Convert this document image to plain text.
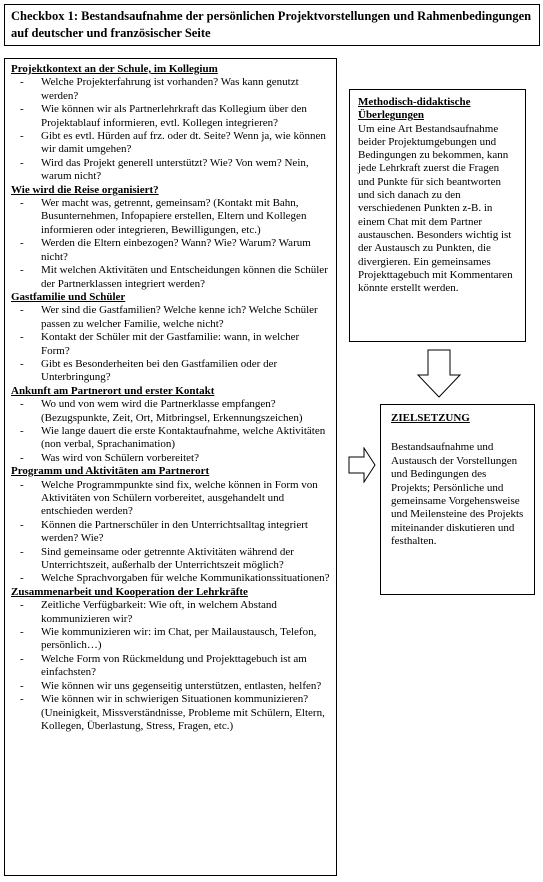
Checkbox 1: Bestandsaufnahme der persönlichen Projektvorstellungen und Rahmenbedingungen auf deutscher und französischer Seite
Projektkontext an der Schule, im Kollegium
- Welche Projekterfahrung ist vorhanden? Was kann genutzt werden?
- Wie können wir als Partnerlehrkraft das Kollegium über den Projektablauf informieren, evtl. Kollegen integrieren?
- Gibt es evtl. Hürden auf frz. oder dt. Seite? Wenn ja, wie können wir damit umgehen?
- Wird das Projekt generell unterstützt? Wie? Von wem? Nein, warum nicht?
Wie wird die Reise organisiert?
- Wer macht was, getrennt, gemeinsam? (Kontakt mit Bahn, Busunternehmen, Infopapiere erstellen, Eltern und Kollegen informieren oder integrieren, Bewilligungen, etc.)
- Werden die Eltern einbezogen? Wann? Wie? Warum? Warum nicht?
- Mit welchen Aktivitäten und Entscheidungen können die Schüler der Partnerklassen integriert werden?
Gastfamilie und Schüler
- Wer sind die Gastfamilien? Welche kenne ich? Welche Schüler passen zu welcher Familie, welche nicht?
- Kontakt der Schüler mit der Gastfamilie: wann, in welcher Form?
- Gibt es Besonderheiten bei den Gastfamilien oder der Unterbringung?
Ankunft am Partnerort und erster Kontakt
- Wo und von wem wird die Partnerklasse empfangen? (Bezugspunkte, Zeit, Ort, Mitbringsel, Erkennungszeichen)
- Wie lange dauert die erste Kontaktaufnahme, welche Aktivitäten (non verbal, Sprachanimation)
- Was wird von Schülern vorbereitet?
Programm und Aktivitäten am Partnerort
- Welche Programmpunkte sind fix, welche können in Form von Aktivitäten von Schülern vorbereitet, ausgehandelt und entschieden werden?
- Können die Partnerschüler in den Unterrichtsalltag integriert werden? Wie?
- Sind gemeinsame oder getrennte Aktivitäten während der Unterrichtszeit, außerhalb der Unterrichtszeit möglich?
- Welche Sprachvorgaben für welche Kommunikationssituationen?
Zusammenarbeit und Kooperation der Lehrkräfte
- Zeitliche Verfügbarkeit: Wie oft, in welchem Abstand kommunizieren wir?
- Wie kommunizieren wir: im Chat, per Mailaustausch, Telefon, persönlich…)
- Welche Form von Rückmeldung und Projekttagebuch ist am einfachsten?
- Wie können wir uns gegenseitig unterstützen, entlasten, helfen?
- Wie können wir in schwierigen Situationen kommunizieren? (Uneinigkeit, Missverständnisse, Probleme mit Schülern, Eltern, Kollegen, Überlastung, Stress, Fragen, etc.)
Methodisch-didaktische Überlegungen
Um eine Art Bestandsaufnahme beider Projektumgebungen und Bedingungen zu bekommen, kann jede Lehrkraft zuerst die Fragen und Punkte für sich beantworten und sich danach zu den verschiedenen Punkten z-B. in einem Chat mit dem Partner austauschen. Besonders wichtig ist der Austausch zu Punkten, die divergieren. Ein gemeinsames Projekttagebuch mit Kommentaren könnte erstellt werden.
ZIELSETZUNG
Bestandsaufnahme und Austausch der Vorstellungen und Bedingungen des Projekts; Persönliche und gemeinsame Vorgehensweise und Meilensteine des Projekts miteinander diskutieren und festhalten.
